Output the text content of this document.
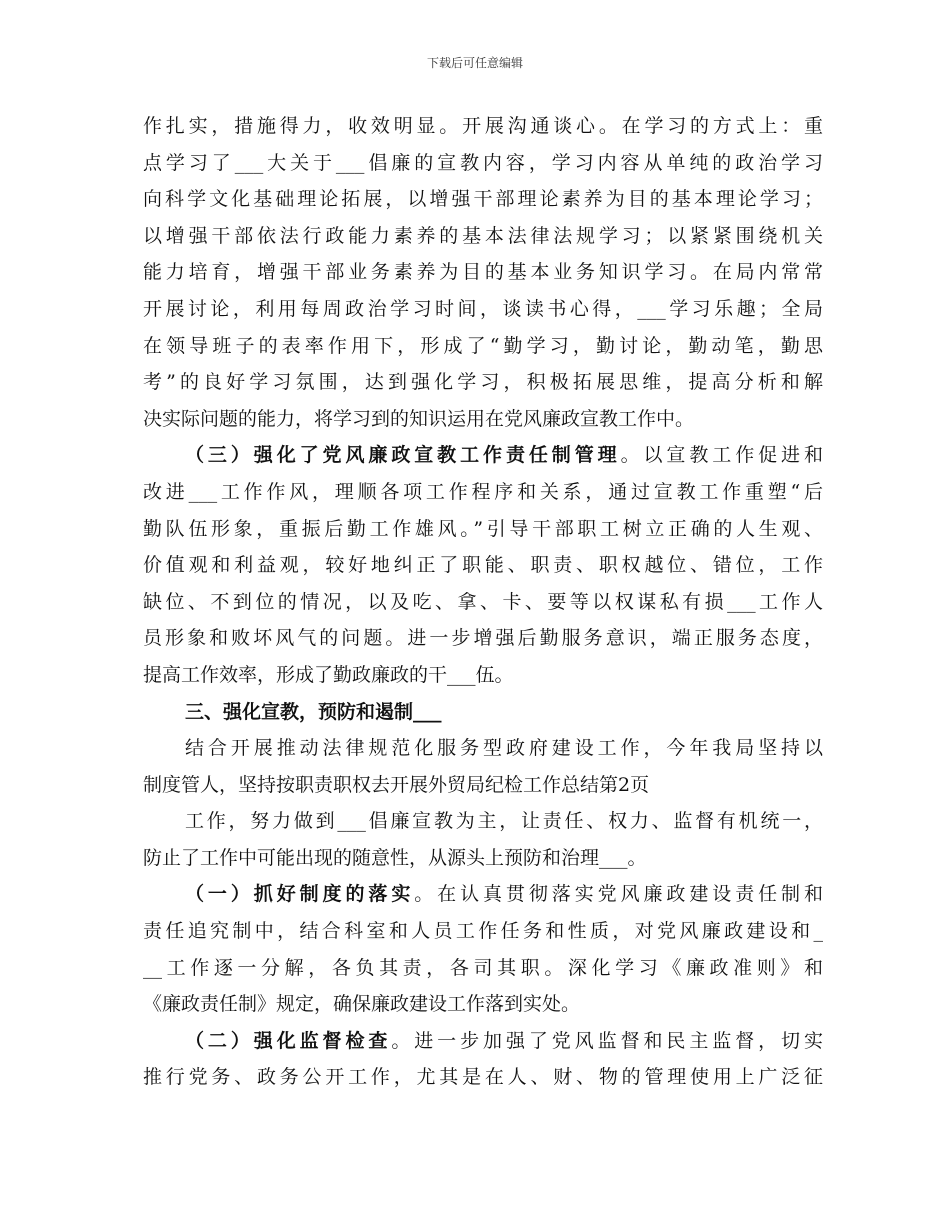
下载后可任意编辑
作扎实，措施得力，收效明显。开展沟通谈心。在学习的方式上：重
点学习了___大关于___倡廉的宣教内容，学习内容从单纯的政治学习
向科学文化基础理论拓展，以增强干部理论素养为目的基本理论学习；
以增强干部依法行政能力素养的基本法律法规学习；以紧紧围绕机关
能力培育，增强干部业务素养为目的基本业务知识学习。在局内常常
开展讨论，利用每周政治学习时间，谈读书心得，___学习乐趣；全局
在领导班子的表率作用下，形成了“勤学习，勤讨论，勤动笔，勤思
考”的良好学习氛围，达到强化学习，积极拓展思维，提高分析和解
决实际问题的能力，将学习到的知识运用在党风廉政宣教工作中。
（三）强化了党风廉政宣教工作责任制管理。以宣教工作促进和
改进___工作作风，理顺各项工作程序和关系，通过宣教工作重塑“后
勤队伍形象，重振后勤工作雄风。”引导干部职工树立正确的人生观、
价值观和利益观，较好地纠正了职能、职责、职权越位、错位，工作
缺位、不到位的情况，以及吃、拿、卡、要等以权谋私有损___工作人
员形象和败坏风气的问题。进一步增强后勤服务意识，端正服务态度，
提高工作效率，形成了勤政廉政的干___伍。
三、强化宣教，预防和遏制___
结合开展推动法律规范化服务型政府建设工作，今年我局坚持以
制度管人，坚持按职责职权去开展外贸局纪检工作总结第2页
工作，努力做到___倡廉宣教为主，让责任、权力、监督有机统一，
防止了工作中可能出现的随意性，从源头上预防和治理___。
（一）抓好制度的落实。在认真贯彻落实党风廉政建设责任制和
责任追究制中，结合科室和人员工作任务和性质，对党风廉政建设和_
__工作逐一分解，各负其责，各司其职。深化学习《廉政准则》和
《廉政责任制》规定，确保廉政建设工作落到实处。
（二）强化监督检查。进一步加强了党风监督和民主监督，切实
推行党务、政务公开工作，尤其是在人、财、物的管理使用上广泛征
